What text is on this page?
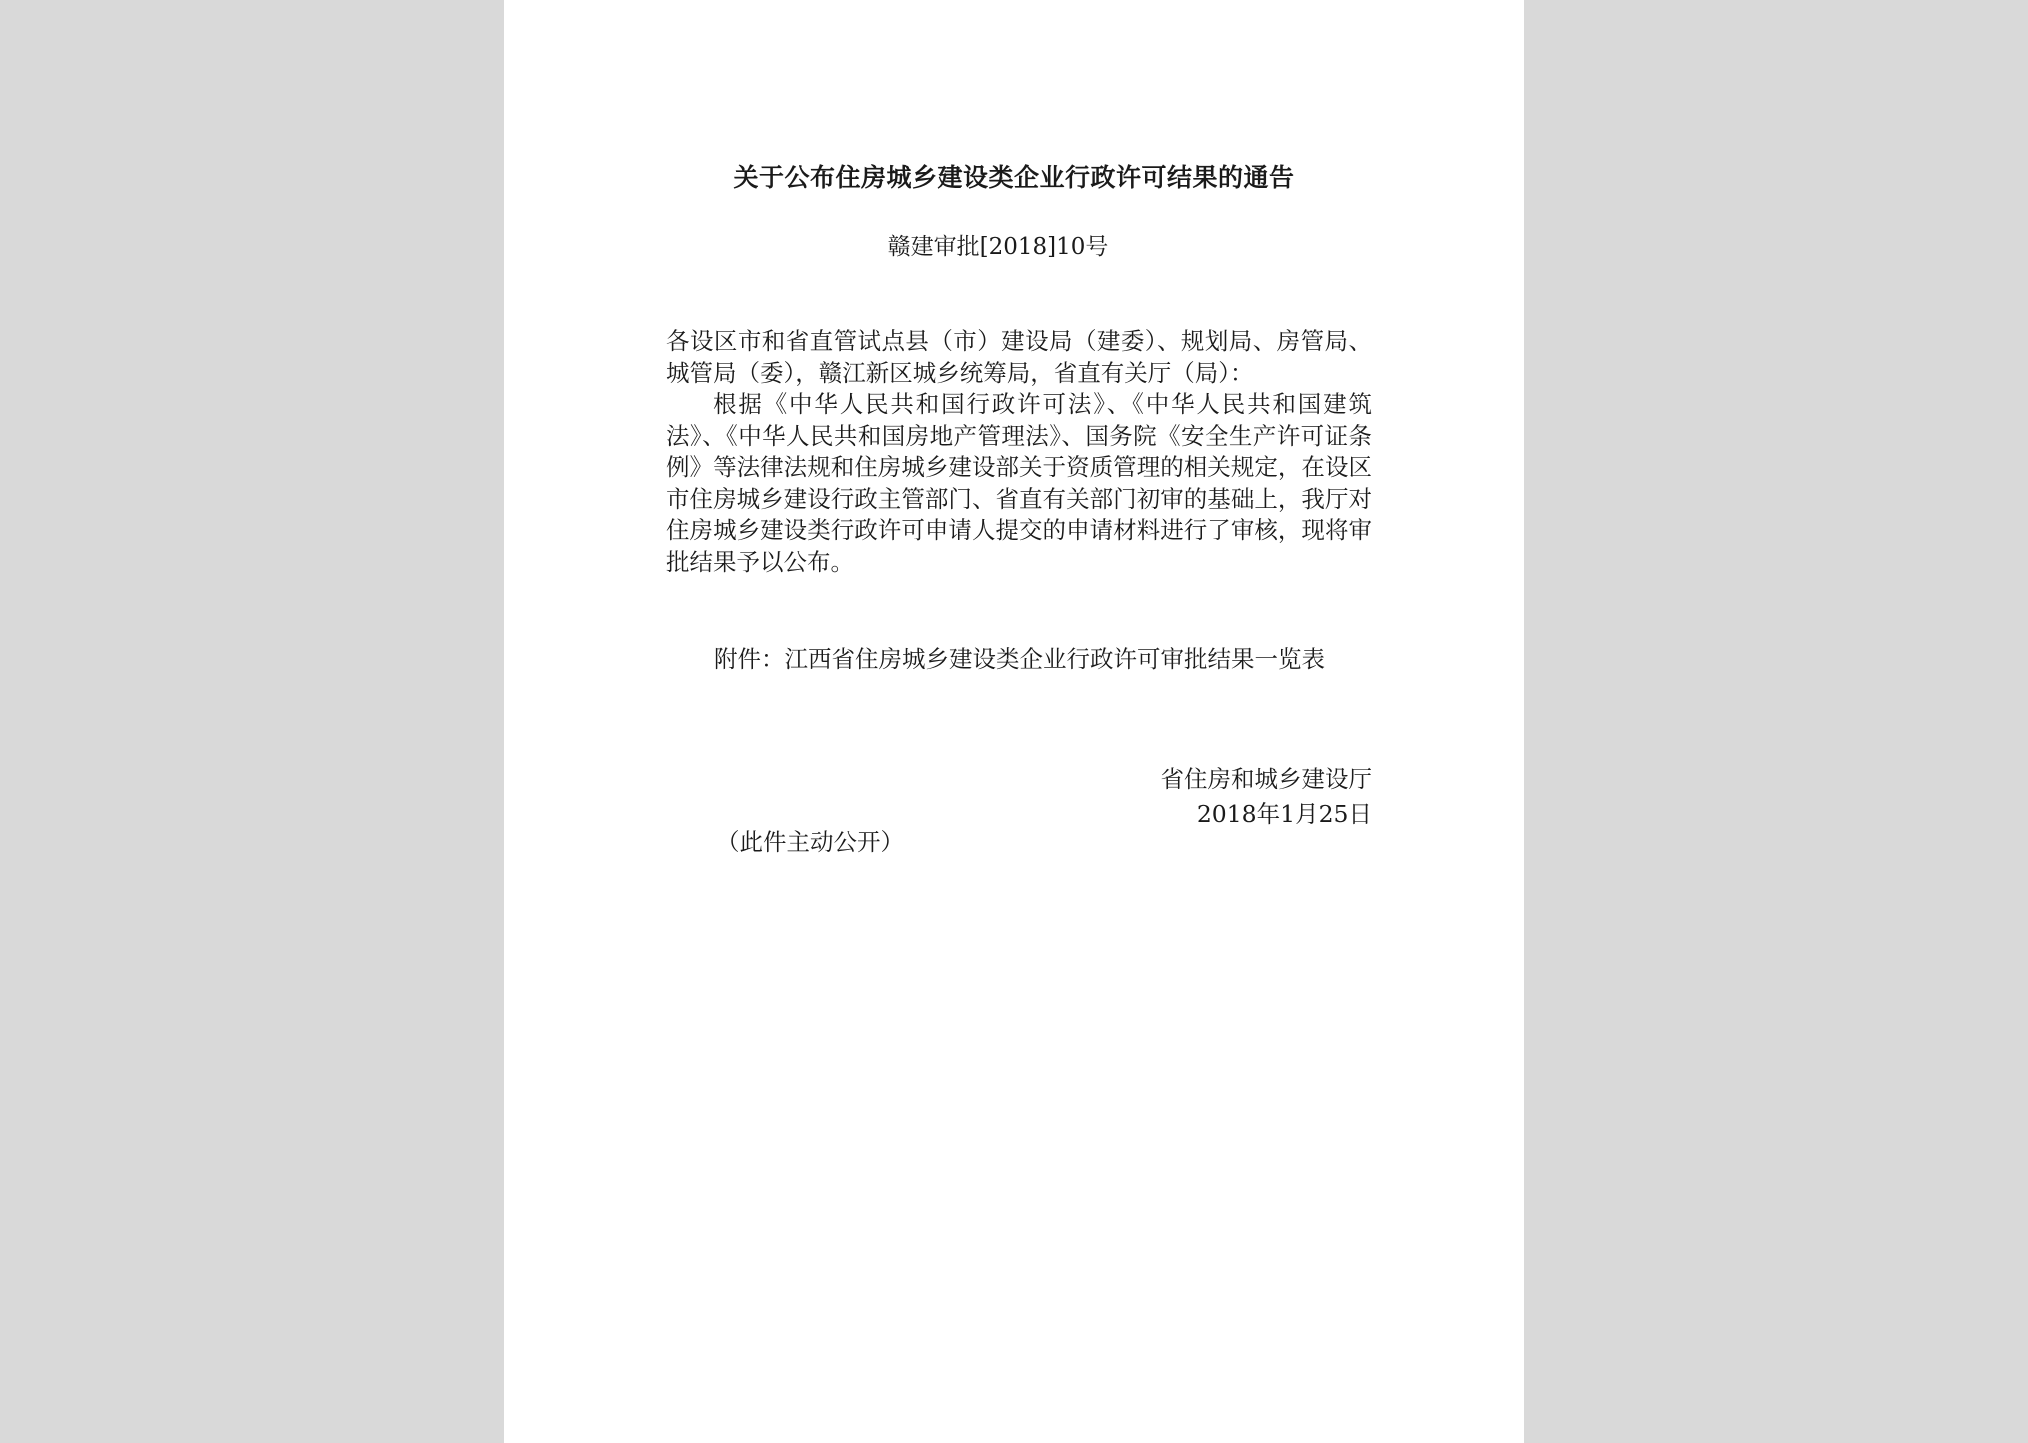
关于公布住房城乡建设类企业行政许可结果的通告
赣建审批[2018]10号

各设区市和省直管试点县（市）建设局（建委）、规划局、房管局、城管局（委），赣江新区城乡统筹局，省直有关厅（局）：

根据《中华人民共和国行政许可法》、《中华人民共和国建筑法》、《中华人民共和国房地产管理法》、国务院《安全生产许可证条例》等法律法规和住房城乡建设部关于资质管理的相关规定，在设区市住房城乡建设行政主管部门、省直有关部门初审的基础上，我厅对住房城乡建设类行政许可申请人提交的申请材料进行了审核，现将审批结果予以公布。

附件：江西省住房城乡建设类企业行政许可审批结果一览表
省住房和城乡建设厅
2018年1月25日
（此件主动公开）
